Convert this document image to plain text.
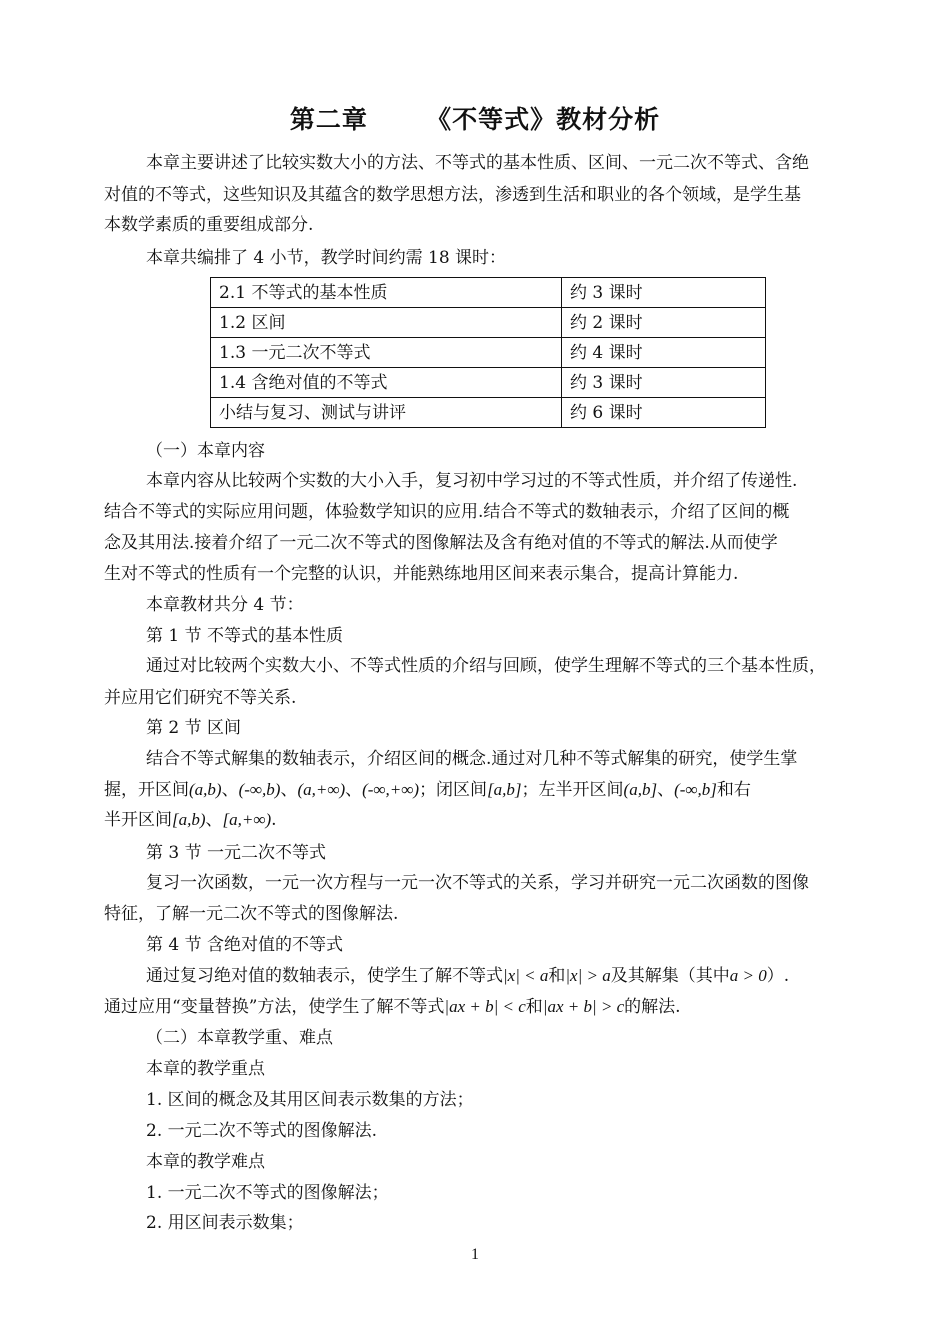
第二章      《不等式》教材分析
本章主要讲述了比较实数大小的方法、不等式的基本性质、区间、一元二次不等式、含绝
对值的不等式，这些知识及其蕴含的数学思想方法，渗透到生活和职业的各个领域，是学生基
本数学素质的重要组成部分.
本章共编排了 4 小节，教学时间约需 18 课时：
2.1 不等式的基本性质	约 3 课时
1.2 区间	约 2 课时
1.3 一元二次不等式	约 4 课时
1.4 含绝对值的不等式	约 3 课时
小结与复习、测试与讲评	约 6 课时
（一）本章内容
本章内容从比较两个实数的大小入手，复习初中学习过的不等式性质，并介绍了传递性.
结合不等式的实际应用问题，体验数学知识的应用.结合不等式的数轴表示，介绍了区间的概
念及其用法.接着介绍了一元二次不等式的图像解法及含有绝对值的不等式的解法.从而使学
生对不等式的性质有一个完整的认识，并能熟练地用区间来表示集合，提高计算能力.
本章教材共分 4 节：
第 1 节 不等式的基本性质
通过对比较两个实数大小、不等式性质的介绍与回顾，使学生理解不等式的三个基本性质，
并应用它们研究不等关系.
第 2 节 区间
结合不等式解集的数轴表示，介绍区间的概念.通过对几种不等式解集的研究，使学生掌
握，开区间(a,b)、(-∞,b)、(a,+∞)、(-∞,+∞)；闭区间[a,b]；左半开区间(a,b]、(-∞,b]和右
半开区间[a,b)、[a,+∞).
第 3 节 一元二次不等式
复习一次函数，一元一次方程与一元一次不等式的关系，学习并研究一元二次函数的图像
特征，了解一元二次不等式的图像解法.
第 4 节 含绝对值的不等式
通过复习绝对值的数轴表示，使学生了解不等式|x| < a和|x| > a及其解集（其中a > 0）.
通过应用“变量替换”方法，使学生了解不等式|ax + b| < c和|ax + b| > c的解法.
（二）本章教学重、难点
本章的教学重点
1. 区间的概念及其用区间表示数集的方法；
2. 一元二次不等式的图像解法.
本章的教学难点
1. 一元二次不等式的图像解法；
2. 用区间表示数集；
1
